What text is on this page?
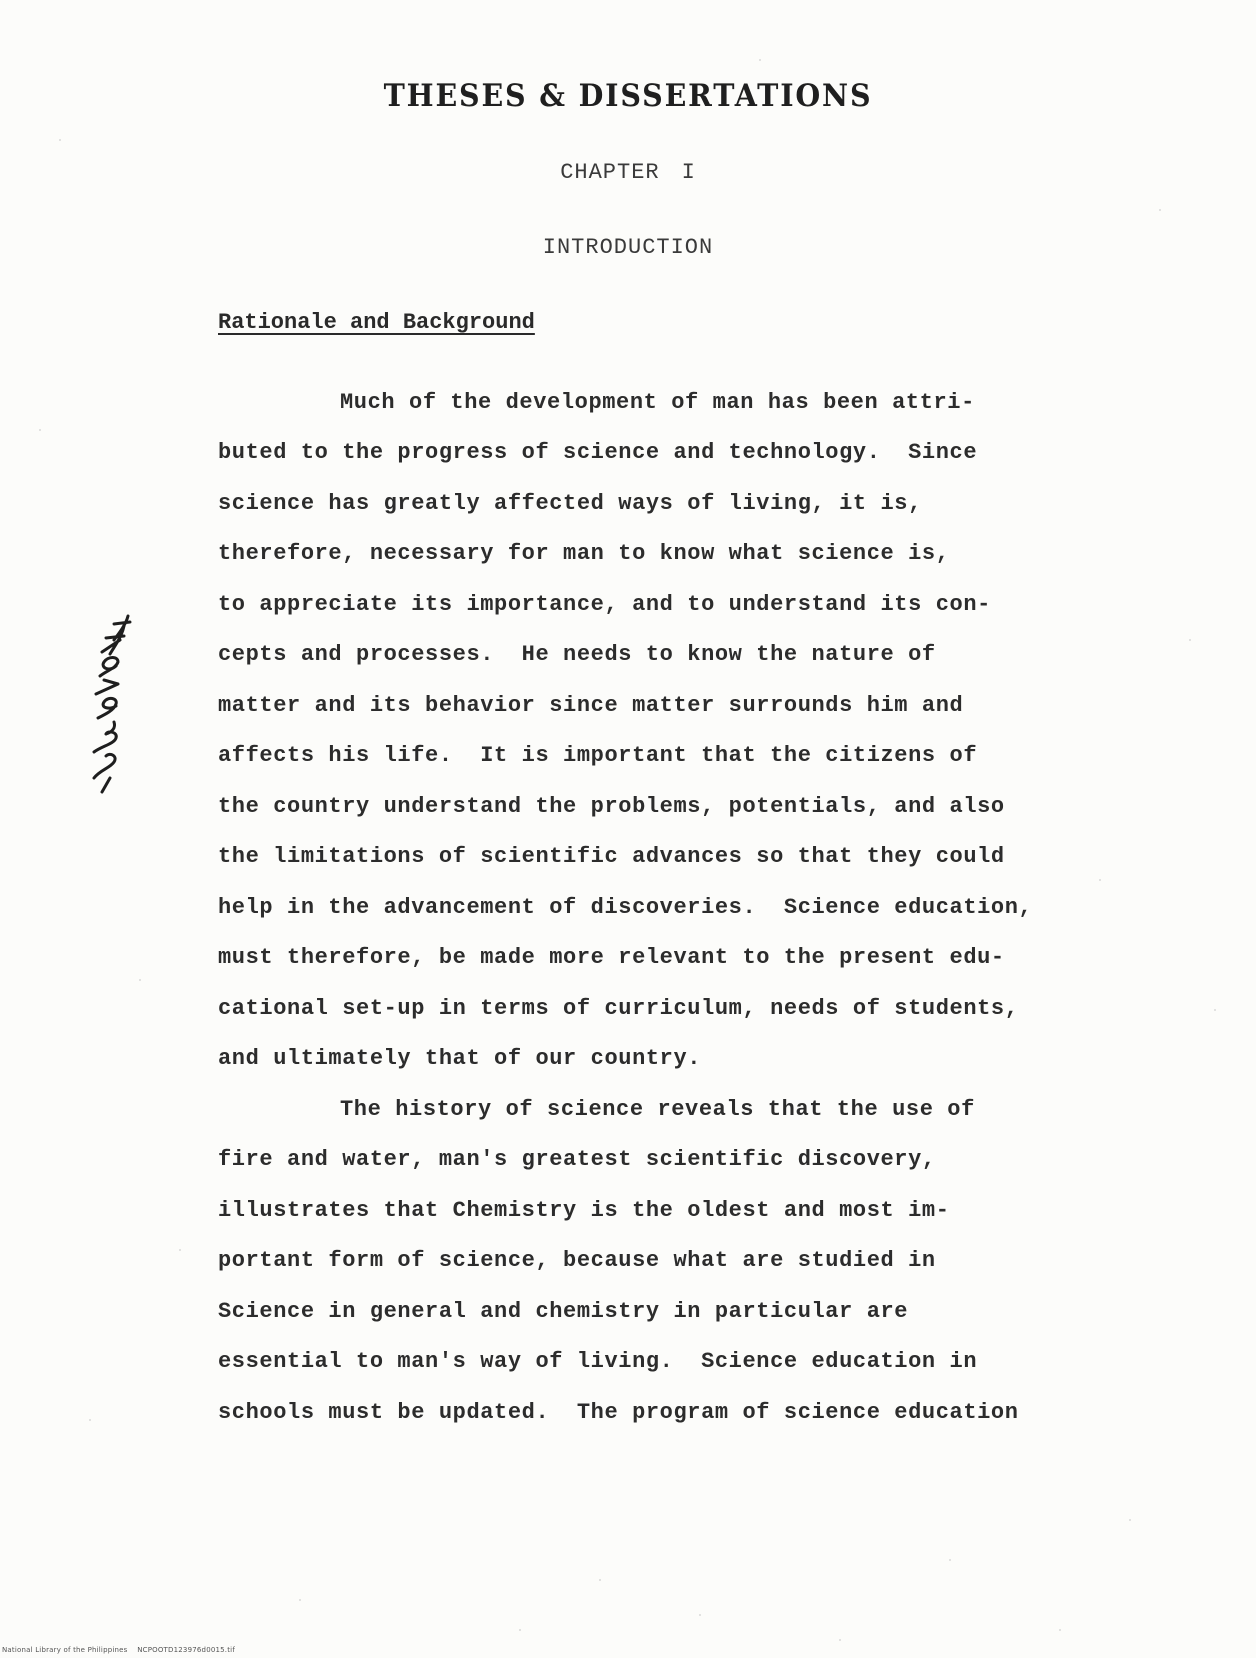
THESES & DISSERTATIONS
CHAPTER I
INTRODUCTION
Rationale and Background
Much of the development of man has been attri-
buted to the progress of science and technology.  Since
science has greatly affected ways of living, it is,
therefore, necessary for man to know what science is,
to appreciate its importance, and to understand its con-
cepts and processes.  He needs to know the nature of
matter and its behavior since matter surrounds him and
affects his life.  It is important that the citizens of
the country understand the problems, potentials, and also
the limitations of scientific advances so that they could
help in the advancement of discoveries.  Science education,
must therefore, be made more relevant to the present edu-
cational set-up in terms of curriculum, needs of students,
and ultimately that of our country.
The history of science reveals that the use of
fire and water, man's greatest scientific discovery,
illustrates that Chemistry is the oldest and most im-
portant form of science, because what are studied in
Science in general and chemistry in particular are
essential to man's way of living.  Science education in
schools must be updated.  The program of science education
National Library of the Philippines    NCPOOTD123976d0015.tif
